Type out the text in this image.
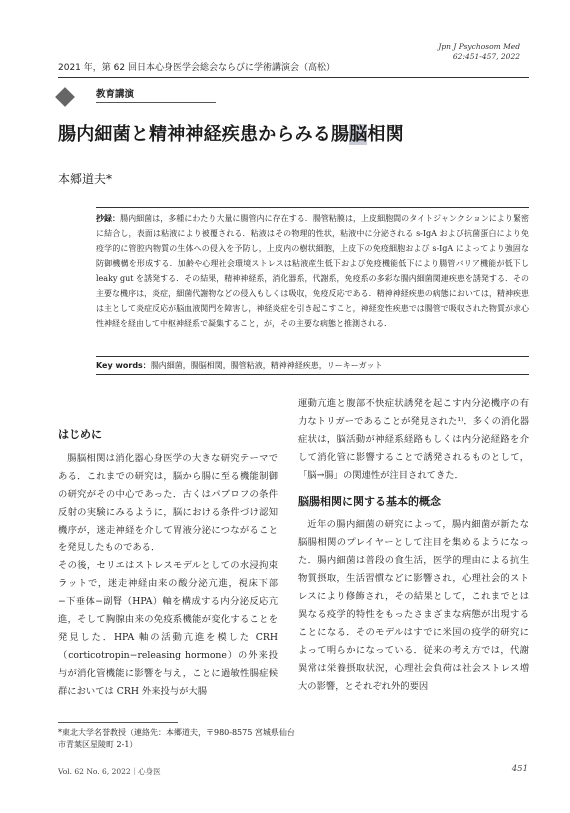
Jpn J Psychosom Med
62:451-457, 2022
2021 年，第 62 回日本心身医学会総会ならびに学術講演会（高松）
教育講演
腸内細菌と精神神経疾患からみる腸脳相関
本郷道夫*
抄録：腸内細菌は，多種にわたり大量に腸管内に存在する．腸管粘膜は，上皮細胞間のタイトジャンクションにより緊密に結合し，表面は粘液により被覆される．粘液はその物理的性状，粘液中に分泌される s-IgA および抗菌蛋白により免疫学的に管腔内物質の生体への侵入を予防し，上皮内の樹状細胞，上皮下の免疫細胞および s-IgA によってより強固な防御機構を形成する．加齢や心理社会環境ストレスは粘液産生低下および免疫機能低下により腸管バリア機能が低下し leaky gut を誘発する．その結果，精神神経系，消化器系，代謝系，免疫系の多彩な腸内細菌関連疾患を誘発する．その主要な機序は，炎症，細菌代謝物などの侵入もしくは吸収，免疫反応である．精神神経疾患の病態においては，精神疾患は主として炎症反応が脳血液関門を障害し，神経炎症を引き起こすこと，神経変性疾患では腸管で吸収された物質が求心性神経を経由して中枢神経系で凝集すること，が，その主要な病態と推測される．
Key words：腸内細菌，腸脳相関，腸管粘液，精神神経疾患，リーキーガット
はじめに

腸脳相関は消化器心身医学の大きな研究テーマである．これまでの研究は，脳から腸に至る機能制御の研究がその中心であった．古くはパブロフの条件反射の実験にみるように，脳における条件づけ認知機序が，迷走神経を介して胃液分泌につながることを発見したものである．

その後，セリエはストレスモデルとしての水浸拘束ラットで，迷走神経由来の酸分泌亢進，視床下部−下垂体−副腎（HPA）軸を構成する内分泌反応亢進，そして胸腺由来の免疫系機能が変化することを発見した．HPA 軸の活動亢進を模した CRH（corticotropin−releasing hormone）の外来投与が消化管機能に影響を与え，ことに過敏性腸症候群においては CRH 外来投与が大腸

運動亢進と腹部不快症状誘発を起こす内分泌機序の有力なトリガーであることが発見された¹⁾．多くの消化器症状は，脳活動が神経系経路もしくは内分泌経路を介して消化管に影響することで誘発されるものとして，「脳→腸」の関連性が注目されてきた．

脳腸相関に関する基本的概念

近年の腸内細菌の研究によって，腸内細菌が新たな脳腸相関のプレイヤーとして注目を集めるようになった．腸内細菌は普段の食生活，医学的理由による抗生物質摂取，生活習慣などに影響され，心理社会的ストレスにより修飾され，その結果として，これまでとは異なる疫学的特性をもったさまざまな病態が出現することになる．そのモデルはすでに米国の疫学的研究によって明らかになっている．従来の考え方では，代謝異常は栄養摂取状況，心理社会負荷は社会ストレス増大の影響，とそれぞれ外的要因

*東北大学名誉教授（連絡先：本郷道夫，〒980-8575 宮城県仙台市青葉区星陵町 2-1）
Vol. 62 No. 6, 2022｜心身医	451
